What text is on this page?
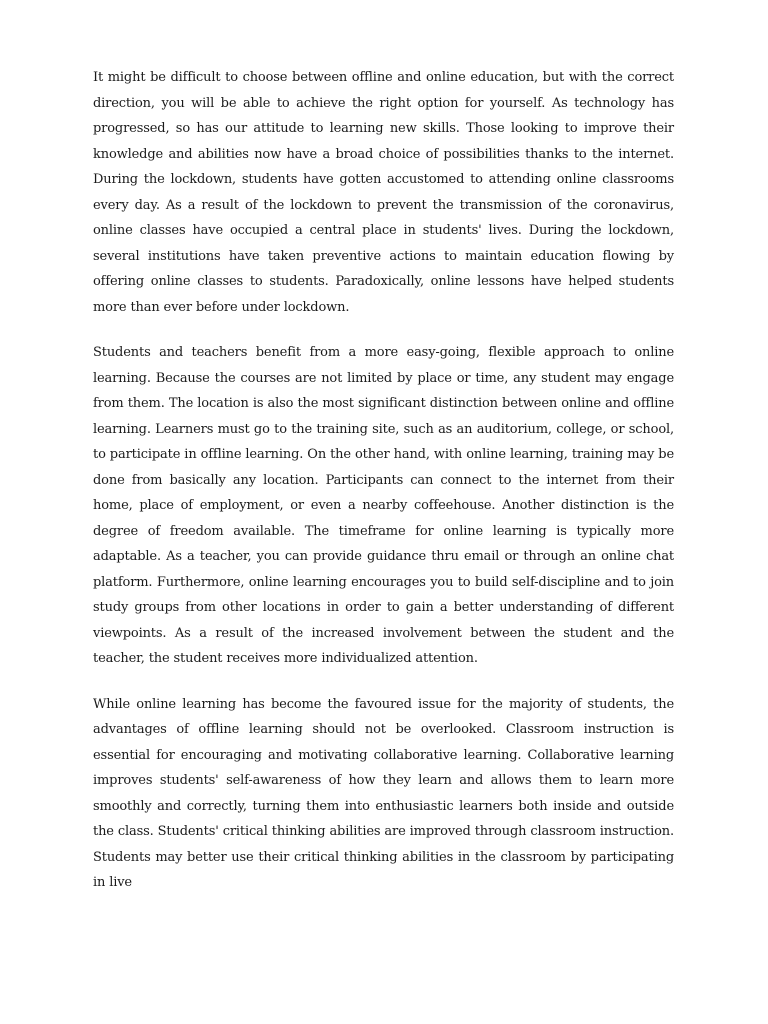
It might be difficult to choose between offline and online education, but with the correct direction, you will be able to achieve the right option for yourself. As technology has progressed, so has our attitude to learning new skills. Those looking to improve their knowledge and abilities now have a broad choice of possibilities thanks to the internet. During the lockdown, students have gotten accustomed to attending online classrooms every day. As a result of the lockdown to prevent the transmission of the coronavirus, online classes have occupied a central place in students' lives. During the lockdown, several institutions have taken preventive actions to maintain education flowing by offering online classes to students. Paradoxically, online lessons have helped students more than ever before under lockdown.

Students and teachers benefit from a more easy-going, flexible approach to online learning. Because the courses are not limited by place or time, any student may engage from them. The location is also the most significant distinction between online and offline learning. Learners must go to the training site, such as an auditorium, college, or school, to participate in offline learning. On the other hand, with online learning, training may be done from basically any location. Participants can connect to the internet from their home, place of employment, or even a nearby coffeehouse. Another distinction is the degree of freedom available. The timeframe for online learning is typically more adaptable. As a teacher, you can provide guidance thru email or through an online chat platform. Furthermore, online learning encourages you to build self-discipline and to join study groups from other locations in order to gain a better understanding of different viewpoints. As a result of the increased involvement between the student and the teacher, the student receives more individualized attention.

While online learning has become the favoured issue for the majority of students, the advantages of offline learning should not be overlooked. Classroom instruction is essential for encouraging and motivating collaborative learning. Collaborative learning improves students' self-awareness of how they learn and allows them to learn more smoothly and correctly, turning them into enthusiastic learners both inside and outside the class. Students' critical thinking abilities are improved through classroom instruction. Students may better use their critical thinking abilities in the classroom by participating in live
